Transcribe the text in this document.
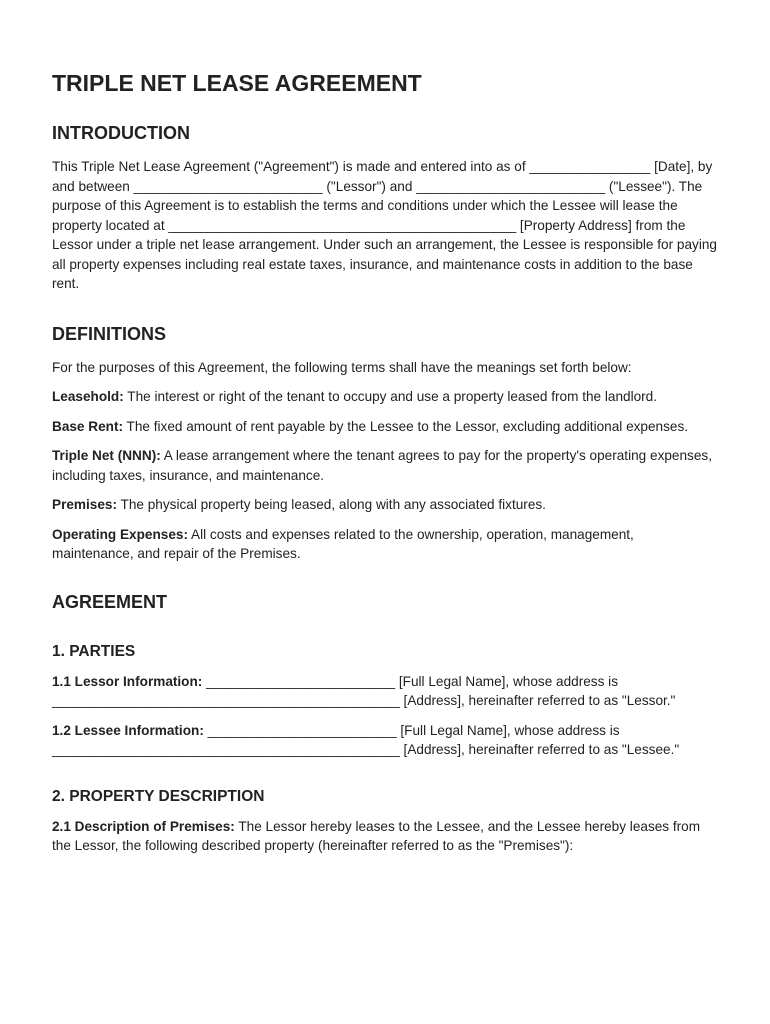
TRIPLE NET LEASE AGREEMENT
INTRODUCTION

This Triple Net Lease Agreement ("Agreement") is made and entered into as of ________________ [Date], by and between _________________________ ("Lessor") and _________________________ ("Lessee"). The purpose of this Agreement is to establish the terms and conditions under which the Lessee will lease the property located at ______________________________________________ [Property Address] from the Lessor under a triple net lease arrangement. Under such an arrangement, the Lessee is responsible for paying all property expenses including real estate taxes, insurance, and maintenance costs in addition to the base rent.

DEFINITIONS

For the purposes of this Agreement, the following terms shall have the meanings set forth below:

Leasehold: The interest or right of the tenant to occupy and use a property leased from the landlord.

Base Rent: The fixed amount of rent payable by the Lessee to the Lessor, excluding additional expenses.

Triple Net (NNN): A lease arrangement where the tenant agrees to pay for the property's operating expenses, including taxes, insurance, and maintenance.

Premises: The physical property being leased, along with any associated fixtures.

Operating Expenses: All costs and expenses related to the ownership, operation, management, maintenance, and repair of the Premises.

AGREEMENT
1. PARTIES

1.1 Lessor Information: _________________________ [Full Legal Name], whose address is ______________________________________________ [Address], hereinafter referred to as "Lessor."

1.2 Lessee Information: _________________________ [Full Legal Name], whose address is ______________________________________________ [Address], hereinafter referred to as "Lessee."

2. PROPERTY DESCRIPTION

2.1 Description of Premises: The Lessor hereby leases to the Lessee, and the Lessee hereby leases from the Lessor, the following described property (hereinafter referred to as the "Premises"):
